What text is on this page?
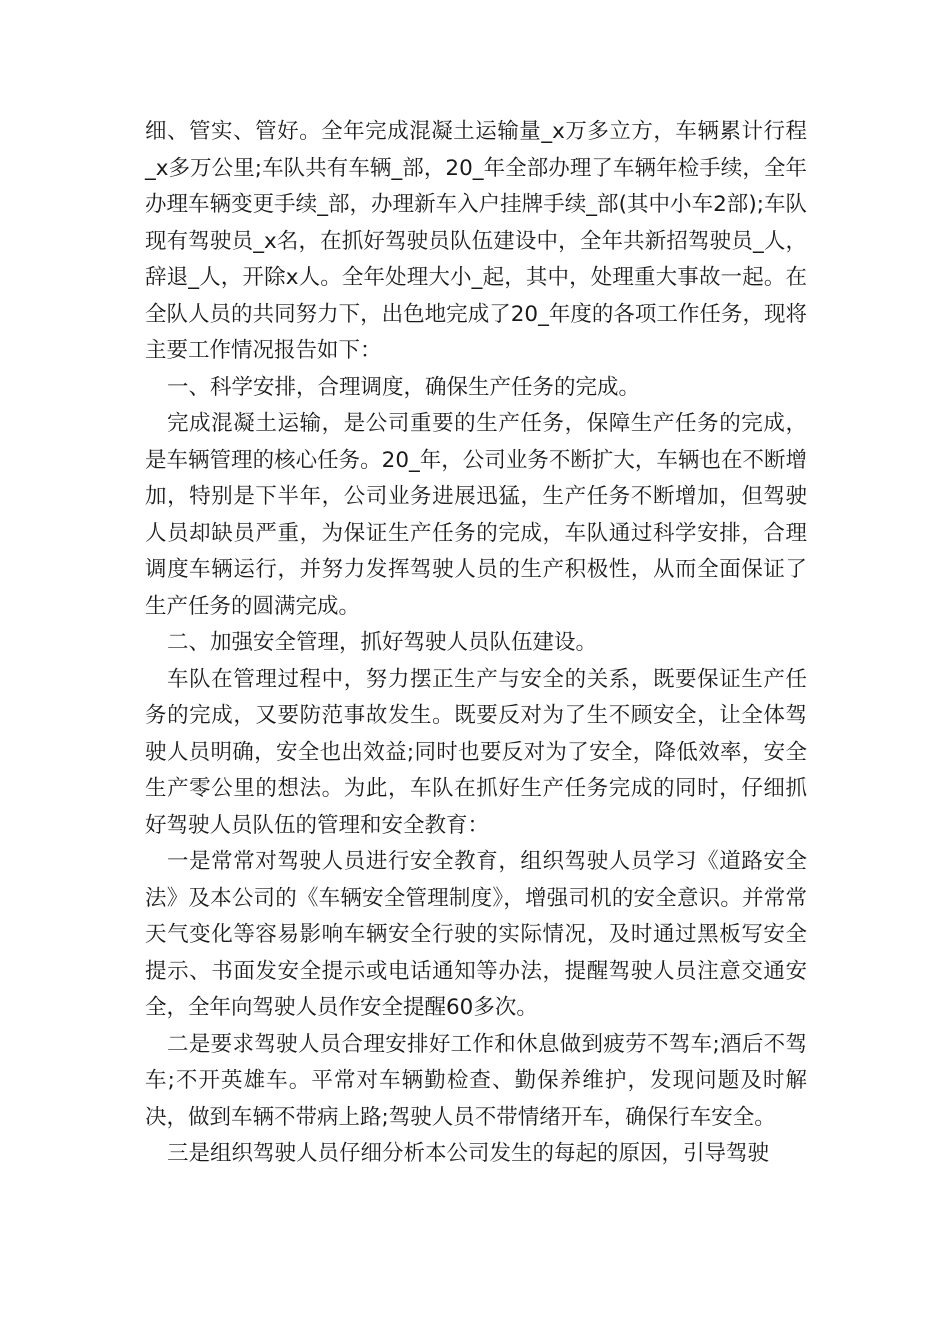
细、管实、管好。全年完成混凝土运输量_x万多立方，车辆累计行程_x多万公里;车队共有车辆_部，20_年全部办理了车辆年检手续，全年办理车辆变更手续_部，办理新车入户挂牌手续_部(其中小车2部);车队现有驾驶员_x名，在抓好驾驶员队伍建设中，全年共新招驾驶员_人，辞退_人，开除x人。全年处理大小_起，其中，处理重大事故一起。在全队人员的共同努力下，出色地完成了20_年度的各项工作任务，现将主要工作情况报告如下：

一、科学安排，合理调度，确保生产任务的完成。

完成混凝土运输，是公司重要的生产任务，保障生产任务的完成，是车辆管理的核心任务。20_年，公司业务不断扩大，车辆也在不断增加，特别是下半年，公司业务进展迅猛，生产任务不断增加，但驾驶人员却缺员严重，为保证生产任务的完成，车队通过科学安排，合理调度车辆运行，并努力发挥驾驶人员的生产积极性，从而全面保证了生产任务的圆满完成。

二、加强安全管理，抓好驾驶人员队伍建设。

车队在管理过程中，努力摆正生产与安全的关系，既要保证生产任务的完成，又要防范事故发生。既要反对为了生不顾安全，让全体驾驶人员明确，安全也出效益;同时也要反对为了安全，降低效率，安全生产零公里的想法。为此，车队在抓好生产任务完成的同时，仔细抓好驾驶人员队伍的管理和安全教育：

一是常常对驾驶人员进行安全教育，组织驾驶人员学习《道路安全法》及本公司的《车辆安全管理制度》，增强司机的安全意识。并常常天气变化等容易影响车辆安全行驶的实际情况，及时通过黑板写安全提示、书面发安全提示或电话通知等办法，提醒驾驶人员注意交通安全，全年向驾驶人员作安全提醒60多次。

二是要求驾驶人员合理安排好工作和休息做到疲劳不驾车;酒后不驾车;不开英雄车。平常对车辆勤检查、勤保养维护，发现问题及时解决，做到车辆不带病上路;驾驶人员不带情绪开车，确保行车安全。

三是组织驾驶人员仔细分析本公司发生的每起的原因，引导驾驶
